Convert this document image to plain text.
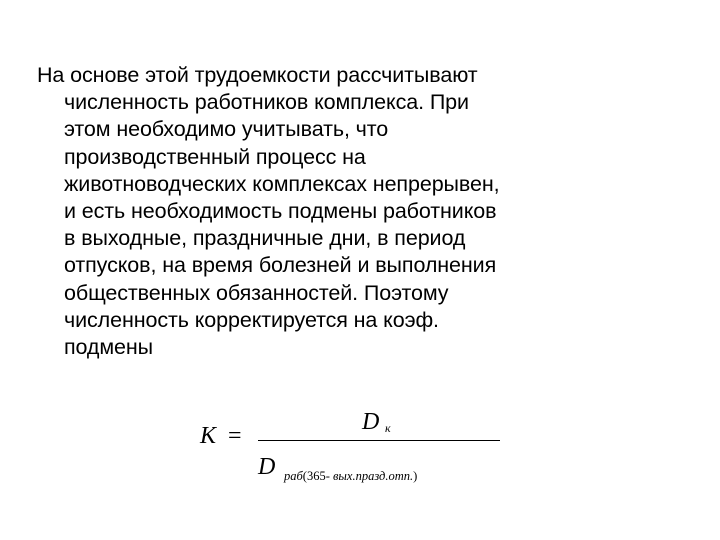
На основе этой трудоемкости рассчитывают
численность работников комплекса. При
этом необходимо учитывать, что
производственный процесс на
животноводческих комплексах непрерывен,
и есть необходимость подмены работников
в выходные, праздничные дни, в период
отпусков, на время болезней и выполнения
общественных обязанностей. Поэтому
численность корректируется на коэф.
подмены
K =
D к
D раб(365- вых.празд.отп.)
